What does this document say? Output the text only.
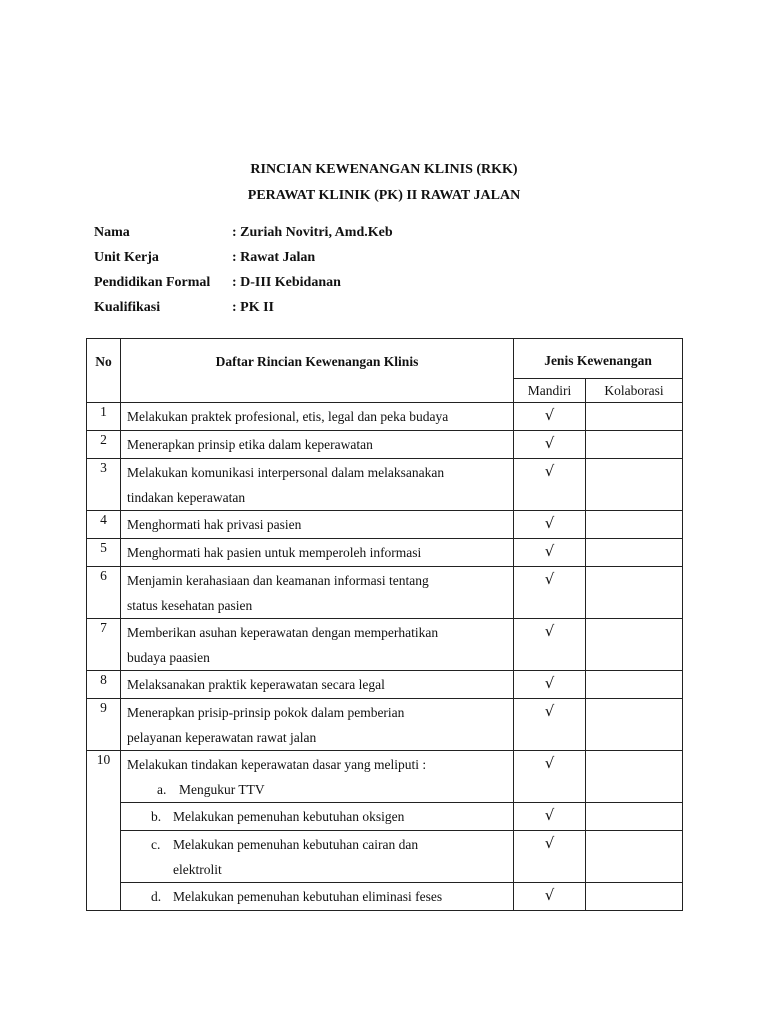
RINCIAN KEWENANGAN KLINIS (RKK)
PERAWAT KLINIK (PK) II RAWAT JALAN
Nama	: Zuriah Novitri, Amd.Keb
Unit Kerja	: Rawat Jalan
Pendidikan Formal : D-III Kebidanan
Kualifikasi	: PK II
No	Daftar Rincian Kewenangan Klinis	Jenis Kewenangan	
		Mandiri	Kolaborasi
1	Melakukan praktek profesional, etis, legal dan peka budaya	√	
2	Menerapkan prinsip etika dalam keperawatan	√	
3	Melakukan komunikasi interpersonal dalam melaksanakan
tindakan keperawatan	√	
4	Menghormati hak privasi pasien	√	
5	Menghormati hak pasien untuk memperoleh informasi	√	
6	Menjamin kerahasiaan dan keamanan informasi tentang
status kesehatan pasien	√	
7	Memberikan asuhan keperawatan dengan memperhatikan
budaya paasien	√	
8	Melaksanakan praktik keperawatan secara legal	√	
9	Menerapkan prisip-prinsip pokok dalam pemberian
pelayanan keperawatan rawat jalan	√	
10	Melakukan tindakan keperawatan dasar yang meliputi :
a. Mengukur TTV	√	

	b. Melakukan pemenuhan kebutuhan oksigen	√	

	c. Melakukan pemenuhan kebutuhan cairan dan
elektrolit	√	

	d. Melakukan pemenuhan kebutuhan eliminasi feses	√	
